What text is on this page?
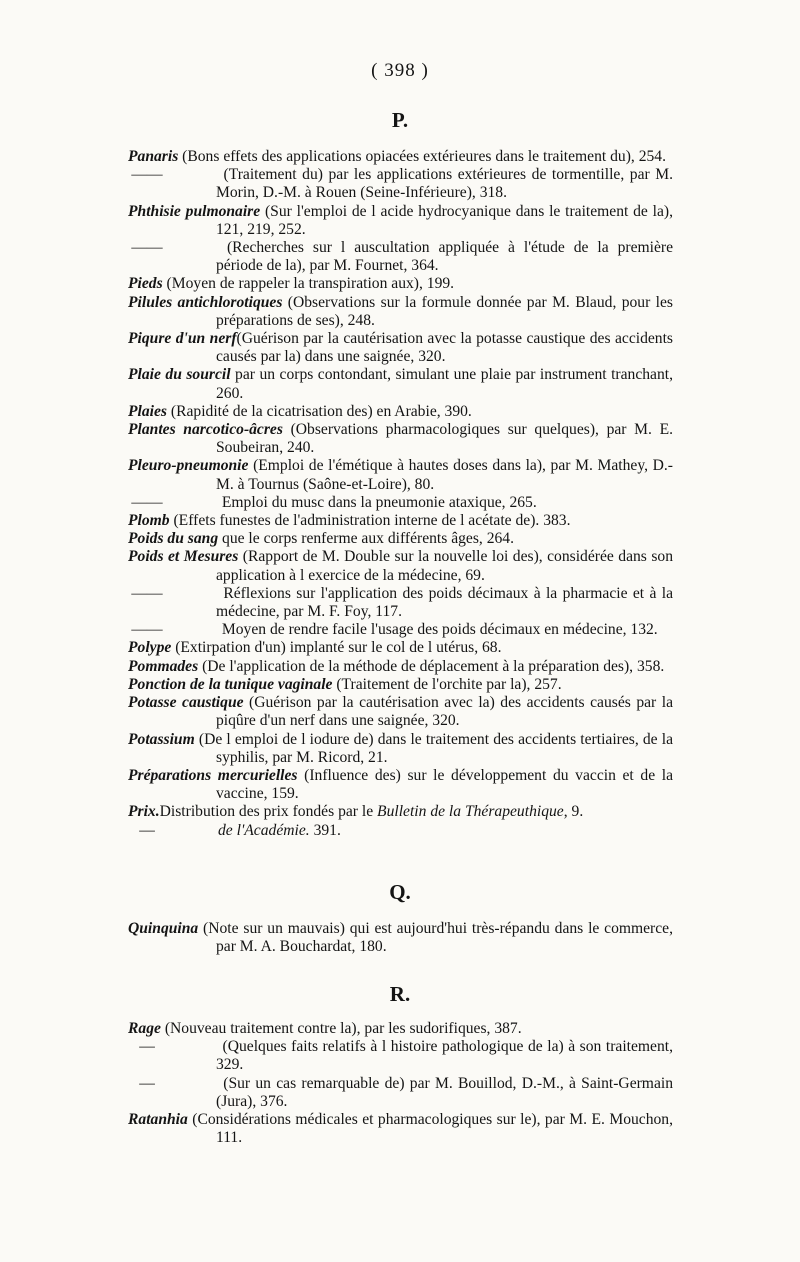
( 398 )
P.

Panaris (Bons effets des applications opiacées extérieures dans le traitement du), 254.

——	(Traitement du) par les applications extérieures de tormentille, par M. Morin, D.-M. à Rouen (Seine-Inférieure), 318.

Phthisie pulmonaire (Sur l'emploi de l acide hydrocyanique dans le traitement de la), 121, 219, 252.

——	(Recherches sur l auscultation appliquée à l'étude de la première période de la), par M. Fournet, 364.

Pieds (Moyen de rappeler la transpiration aux), 199.

Pilules antichlorotiques (Observations sur la formule donnée par M. Blaud, pour les préparations de ses), 248.

Piqure d'un nerf(Guérison par la cautérisation avec la potasse caustique des accidents causés par la) dans une saignée, 320.

Plaie du sourcil par un corps contondant, simulant une plaie par instrument tranchant, 260.

Plaies (Rapidité de la cicatrisation des) en Arabie, 390.

Plantes narcotico-âcres (Observations pharmacologiques sur quelques), par M. E. Soubeiran, 240.

Pleuro-pneumonie (Emploi de l'émétique à hautes doses dans la), par M. Mathey, D.-M. à Tournus (Saône-et-Loire), 80.

——	Emploi du musc dans la pneumonie ataxique, 265.

Plomb (Effets funestes de l'administration interne de l acétate de). 383.

Poids du sang que le corps renferme aux différents âges, 264.

Poids et Mesures (Rapport de M. Double sur la nouvelle loi des), considérée dans son application à l exercice de la médecine, 69.

——	Réflexions sur l'application des poids décimaux à la pharmacie et à la médecine, par M. F. Foy, 117.

——	Moyen de rendre facile l'usage des poids décimaux en médecine, 132.

Polype (Extirpation d'un) implanté sur le col de l utérus, 68.

Pommades (De l'application de la méthode de déplacement à la préparation des), 358.

Ponction de la tunique vaginale (Traitement de l'orchite par la), 257.

Potasse caustique (Guérison par la cautérisation avec la) des accidents causés par la piqûre d'un nerf dans une saignée, 320.

Potassium (De l emploi de l iodure de) dans le traitement des accidents tertiaires, de la syphilis, par M. Ricord, 21.

Préparations mercurielles (Influence des) sur le développement du vaccin et de la vaccine, 159.

Prix.Distribution des prix fondés par le Bulletin de la Thérapeuthique, 9.

—	de l'Académie. 391.

Q.

Quinquina (Note sur un mauvais) qui est aujourd'hui très-répandu dans le commerce, par M. A. Bouchardat, 180.

R.

Rage (Nouveau traitement contre la), par les sudorifiques, 387.

—	(Quelques faits relatifs à l histoire pathologique de la) à son traitement, 329.

—	(Sur un cas remarquable de) par M. Bouillod, D.-M., à Saint-Germain (Jura), 376.

Ratanhia (Considérations médicales et pharmacologiques sur le), par M. E. Mouchon, 111.
